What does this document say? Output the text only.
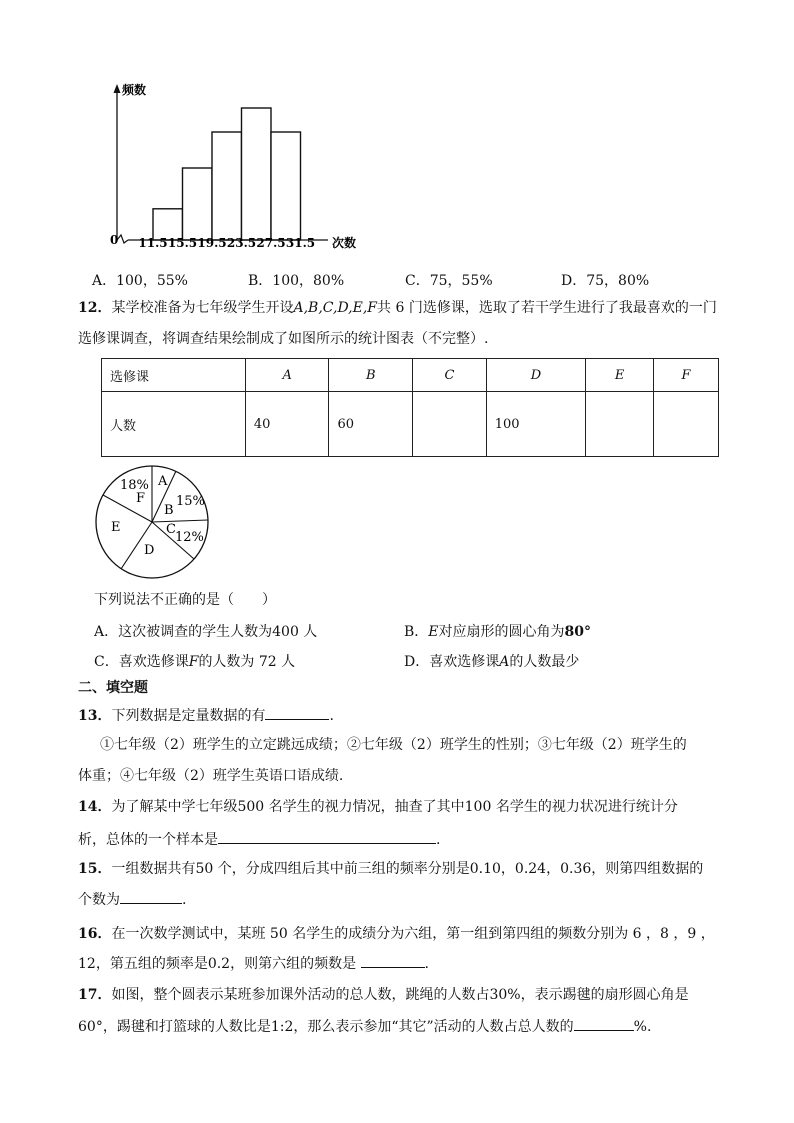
频数
0	次数
11.5 15.5 19.5 23.5 27.5 31.5
A．100，55%	B．100，80%	C．75，55%	D．75，80%
12．某学校准备为七年级学生开设A,B,C,D,E,F共 6 门选修课，选取了若干学生进行了我最喜欢的一门
选修课调查，将调查结果绘制成了如图所示的统计图表（不完整）.
选修课	A	B	C	D	E	F
人数	40	60		100		
A
B
15%
C
12%
D
E
F
18%
下列说法不正确的是（　　）
A．这次被调查的学生人数为400 人	B．E对应扇形的圆心角为80°
C．喜欢选修课F的人数为 72 人	D．喜欢选修课A的人数最少
二、填空题
13．下列数据是定量数据的有	.
①七年级（2）班学生的立定跳远成绩；②七年级（2）班学生的性别；③七年级（2）班学生的
体重；④七年级（2）班学生英语口语成绩.
14．为了解某中学七年级500 名学生的视力情况，抽查了其中100 名学生的视力状况进行统计分
析，总体的一个样本是	.
15．一组数据共有50 个，分成四组后其中前三组的频率分别是0.10，0.24，0.36，则第四组数据的
个数为	.
16．在一次数学测试中，某班 50 名学生的成绩分为六组，第一组到第四组的频数分别为 6 ，8 ，9 ，
12，第五组的频率是0.2，则第六组的频数是	.
17．如图，整个圆表示某班参加课外活动的总人数，跳绳的人数占30%，表示踢毽的扇形圆心角是
60°，踢毽和打篮球的人数比是1:2，那么表示参加“其它”活动的人数占总人数的	%.
